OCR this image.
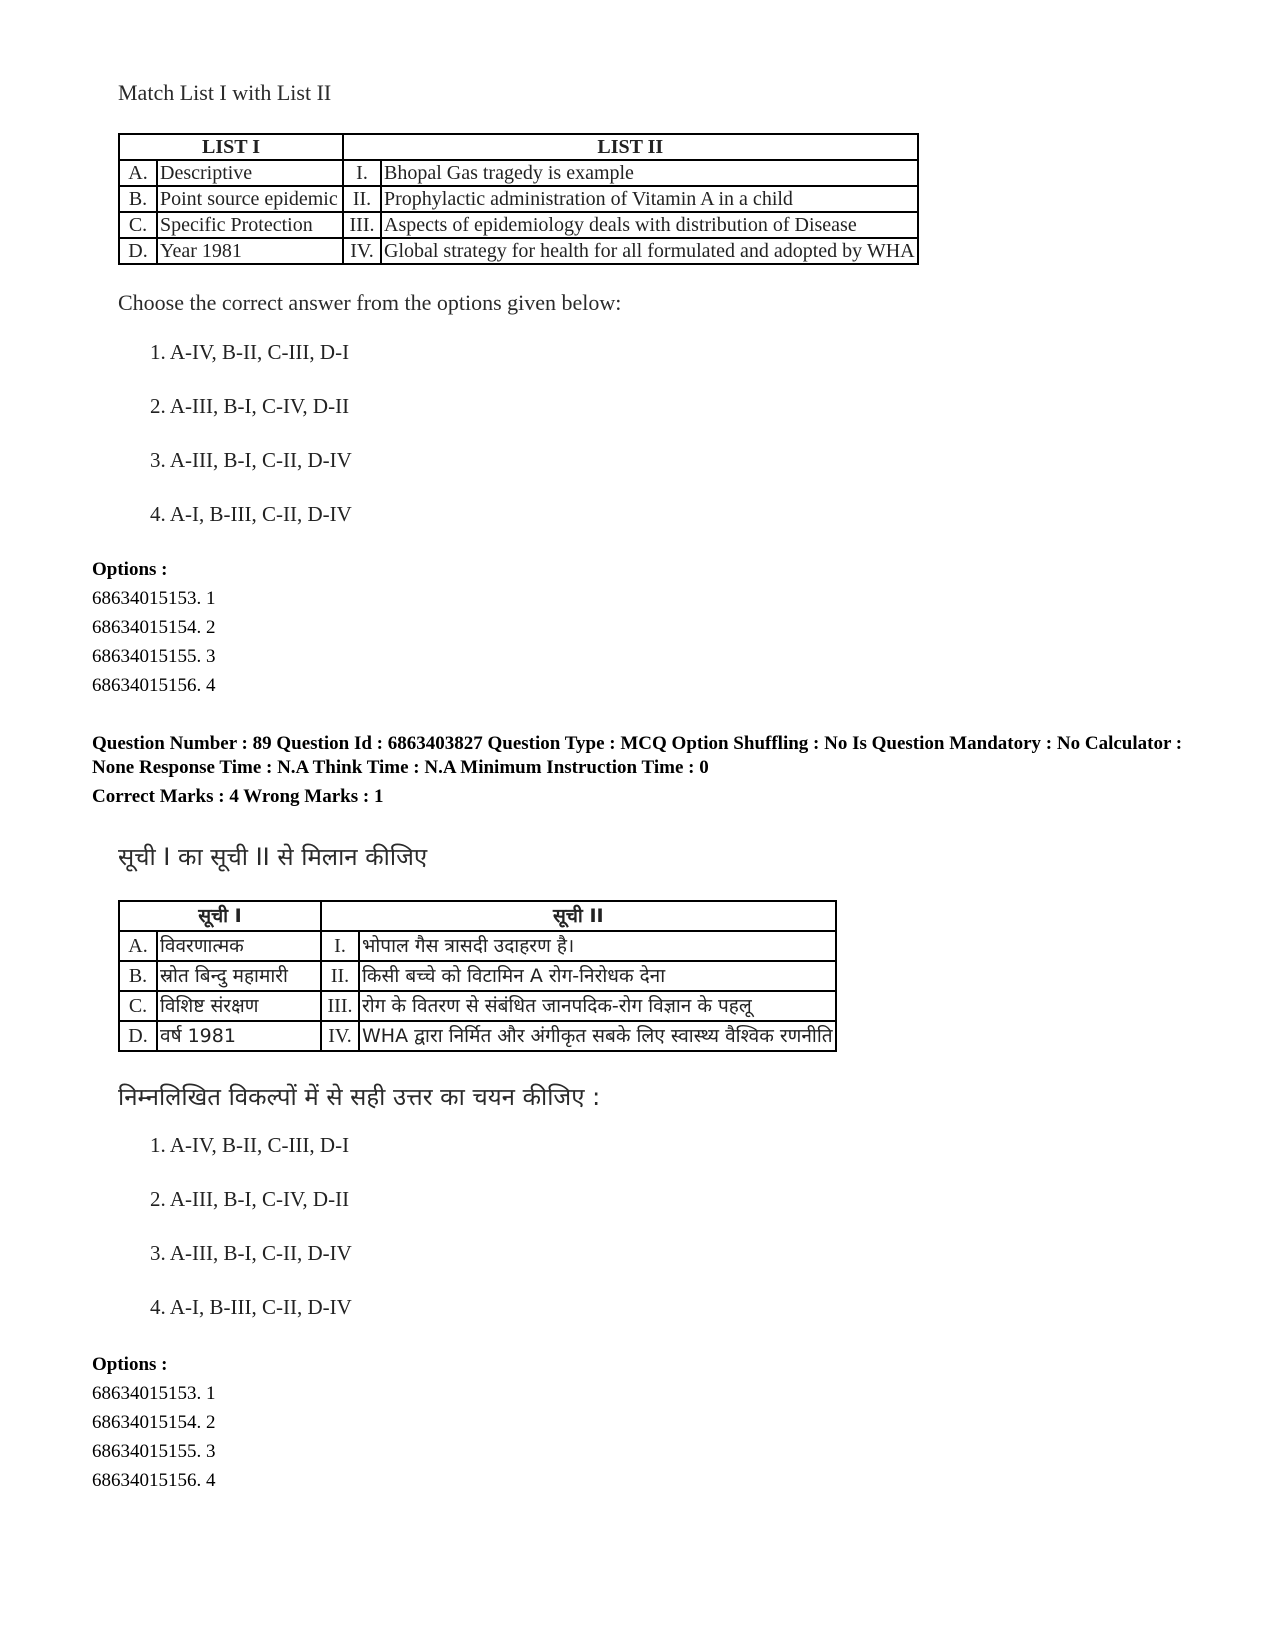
Match List I with List II
LIST I		LIST II	
A.	Descriptive	I.	Bhopal Gas tragedy is example
B.	Point source epidemic	II.	Prophylactic administration of Vitamin A in a child
C.	Specific Protection	III.	Aspects of epidemiology deals with distribution of Disease
D.	Year 1981	IV.	Global strategy for health for all formulated and adopted by WHA
Choose the correct answer from the options given below:
1. A-IV, B-II, C-III, D-I
2. A-III, B-I, C-IV, D-II
3. A-III, B-I, C-II, D-IV
4. A-I, B-III, C-II, D-IV
Options :
68634015153. 1
68634015154. 2
68634015155. 3
68634015156. 4
Question Number : 89 Question Id : 6863403827 Question Type : MCQ Option Shuffling : No Is Question Mandatory : No Calculator : None Response Time : N.A Think Time : N.A Minimum Instruction Time : 0
Correct Marks : 4 Wrong Marks : 1
सूची I का सूची II से मिलान कीजिए
सूची I		सूची II	
A.	विवरणात्मक	I.	भोपाल गैस त्रासदी उदाहरण है।
B.	स्रोत बिन्दु महामारी	II.	किसी बच्चे को विटामिन A रोग-निरोधक देना
C.	विशिष्ट संरक्षण	III.	रोग के वितरण से संबंधित जानपदिक-रोग विज्ञान के पहलू
D.	वर्ष 1981	IV.	WHA द्वारा निर्मित और अंगीकृत सबके लिए स्वास्थ्य वैश्विक रणनीति
निम्नलिखित विकल्पों में से सही उत्तर का चयन कीजिए :
1. A-IV, B-II, C-III, D-I
2. A-III, B-I, C-IV, D-II
3. A-III, B-I, C-II, D-IV
4. A-I, B-III, C-II, D-IV
Options :
68634015153. 1
68634015154. 2
68634015155. 3
68634015156. 4
